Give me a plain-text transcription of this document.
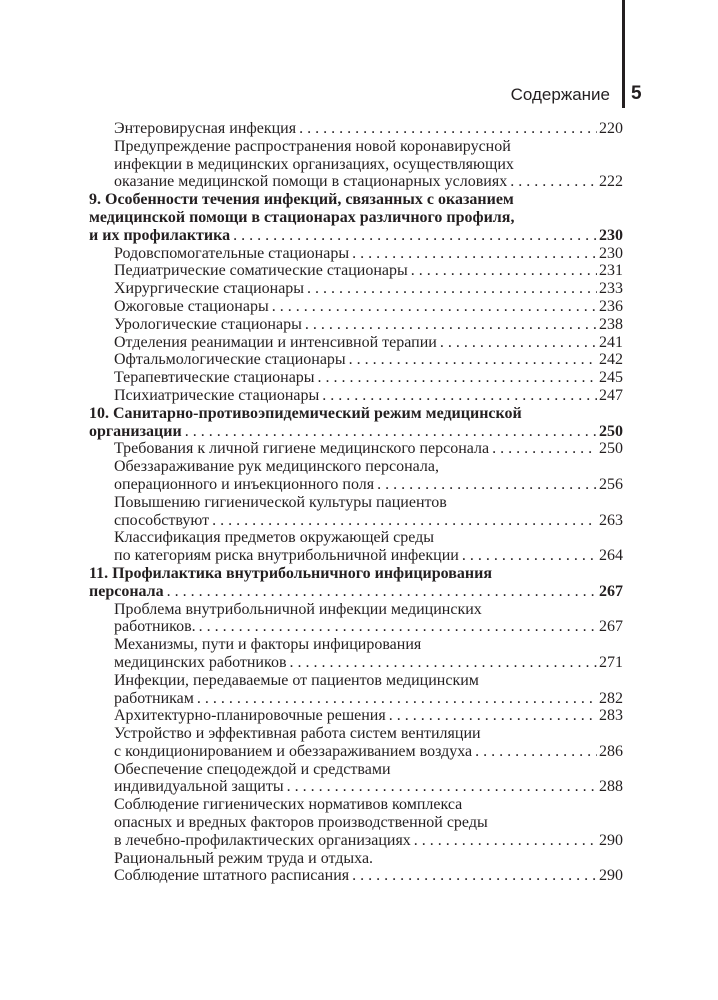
Содержание 5
Энтеровирусная инфекция . . .	220
Предупреждение распространения новой коронавирусной
инфекции в медицинских организациях, осуществляющих
оказание медицинской помощи в стационарных условиях . . .	222
9. Особенности течения инфекций, связанных с оказанием
медицинской помощи в стационарах различного профиля,
и их профилактика . . .	230
Родовспомогательные стационары . . .	230
Педиатрические соматические стационары . . .	231
Хирургические стационары . . .	233
Ожоговые стационары . . .	236
Урологические стационары . . .	238
Отделения реанимации и интенсивной терапии . . .	241
Офтальмологические стационары . . .	242
Терапевтические стационары . . .	245
Психиатрические стационары . . .	247
10. Санитарно-противоэпидемический режим медицинской
организации . . .	250
Требования к личной гигиене медицинского персонала . . .	250
Обеззараживание рук медицинского персонала,
операционного и инъекционного поля . . .	256
Повышению гигиенической культуры пациентов
способствуют . . .	263
Классификация предметов окружающей среды
по категориям риска внутрибольничной инфекции . . .	264
11. Профилактика внутрибольничного инфицирования
персонала . . .	267
Проблема внутрибольничной инфекции медицинских
работников. . . .	267
Механизмы, пути и факторы инфицирования
медицинских работников . . .	271
Инфекции, передаваемые от пациентов медицинским
работникам . . .	282
Архитектурно-планировочные решения . . .	283
Устройство и эффективная работа систем вентиляции
с кондиционированием и обеззараживанием воздуха . . .	286
Обеспечение спецодеждой и средствами
индивидуальной защиты . . .	288
Соблюдение гигиенических нормативов комплекса
опасных и вредных факторов производственной среды
в лечебно-профилактических организациях . . .	290
Рациональный режим труда и отдыха.
Соблюдение штатного расписания . . .	290
